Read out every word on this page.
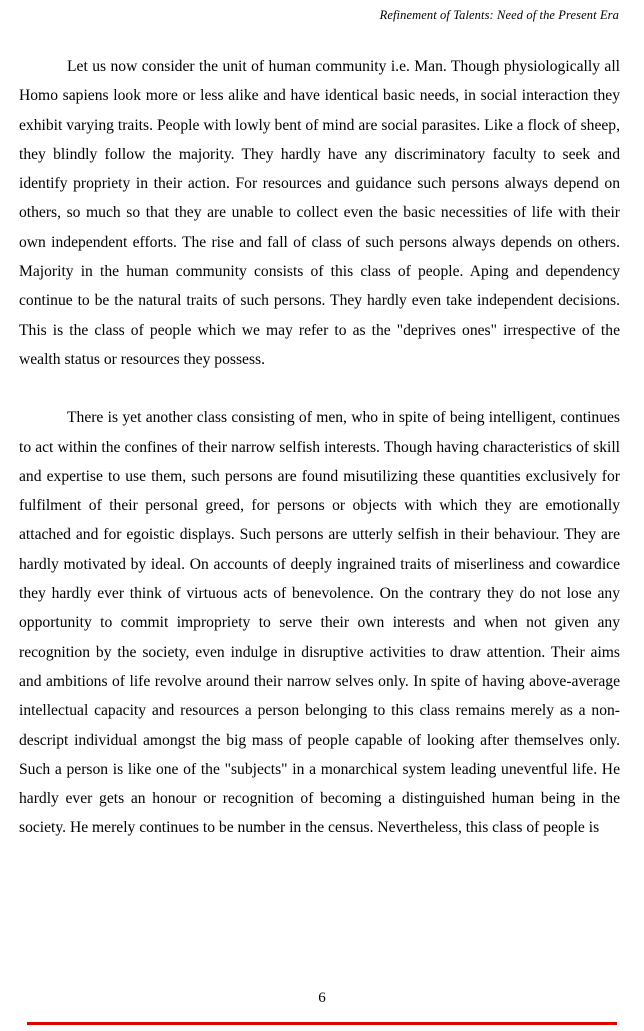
Refinement of Talents: Need of the Present Era

Let us now consider the unit of human community i.e. Man. Though physiologically all Homo sapiens look more or less alike and have identical basic needs, in social interaction they exhibit varying traits. People with lowly bent of mind are social parasites. Like a flock of sheep, they blindly follow the majority. They hardly have any discriminatory faculty to seek and identify propriety in their action. For resources and guidance such persons always depend on others, so much so that they are unable to collect even the basic necessities of life with their own independent efforts. The rise and fall of class of such persons always depends on others. Majority in the human community consists of this class of people. Aping and dependency continue to be the natural traits of such persons. They hardly even take independent decisions. This is the class of people which we may refer to as the "deprives ones" irrespective of the wealth status or resources they possess.

There is yet another class consisting of men, who in spite of being intelligent, continues to act within the confines of their narrow selfish interests. Though having characteristics of skill and expertise to use them, such persons are found misutilizing these quantities exclusively for fulfilment of their personal greed, for persons or objects with which they are emotionally attached and for egoistic displays. Such persons are utterly selfish in their behaviour. They are hardly motivated by ideal. On accounts of deeply ingrained traits of miserliness and cowardice they hardly ever think of virtuous acts of benevolence. On the contrary they do not lose any opportunity to commit impropriety to serve their own interests and when not given any recognition by the society, even indulge in disruptive activities to draw attention. Their aims and ambitions of life revolve around their narrow selves only. In spite of having above-average intellectual capacity and resources a person belonging to this class remains merely as a non-descript individual amongst the big mass of people capable of looking after themselves only. Such a person is like one of the "subjects" in a monarchical system leading uneventful life. He hardly ever gets an honour or recognition of becoming a distinguished human being in the society. He merely continues to be number in the census. Nevertheless, this class of people is

6
